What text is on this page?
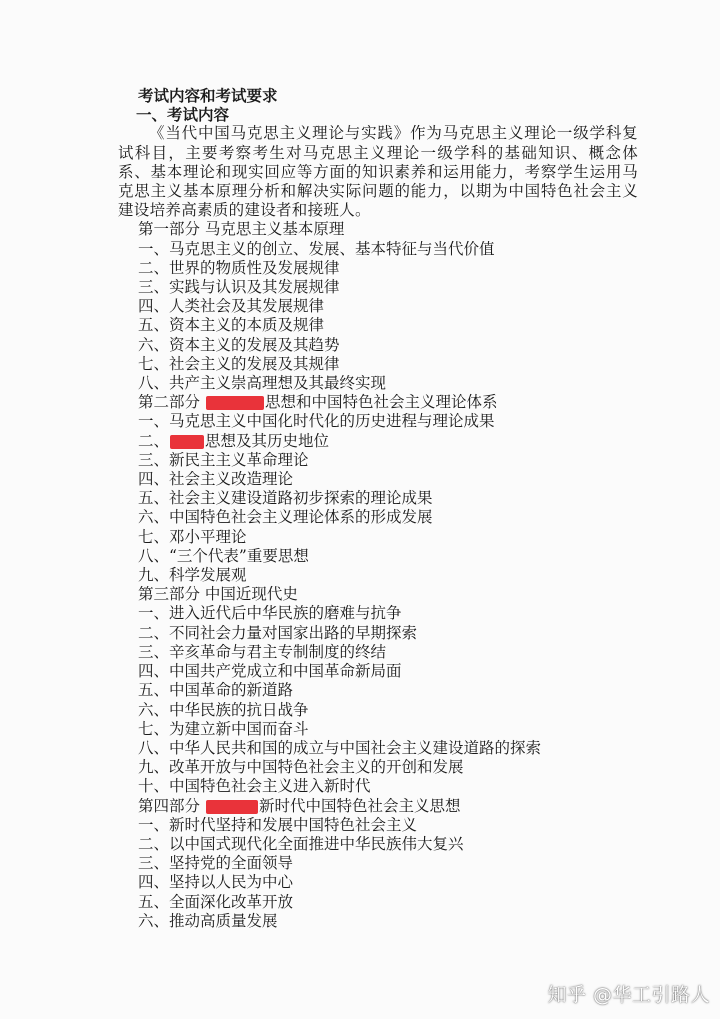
考试内容和考试要求
一、考试内容
《当代中国马克思主义理论与实践》作为马克思主义理论一级学科复试科目，主要考察考生对马克思主义理论一级学科的基础知识、概念体系、基本理论和现实回应等方面的知识素养和运用能力，考察学生运用马克思主义基本原理分析和解决实际问题的能力，以期为中国特色社会主义建设培养高素质的建设者和接班人。
第一部分 马克思主义基本原理
一、马克思主义的创立、发展、基本特征与当代价值
二、世界的物质性及发展规律
三、实践与认识及其发展规律
四、人类社会及其发展规律
五、资本主义的本质及规律
六、资本主义的发展及其趋势
七、社会主义的发展及其规律
八、共产主义崇高理想及其最终实现
第二部分	思想和中国特色社会主义理论体系
一、马克思主义中国化时代化的历史进程与理论成果
二、 思想及其历史地位
三、新民主主义革命理论
四、社会主义改造理论
五、社会主义建设道路初步探索的理论成果
六、中国特色社会主义理论体系的形成发展
七、邓小平理论
八、“三个代表”重要思想
九、科学发展观
第三部分 中国近现代史
一、进入近代后中华民族的磨难与抗争
二、不同社会力量对国家出路的早期探索
三、辛亥革命与君主专制制度的终结
四、中国共产党成立和中国革命新局面
五、中国革命的新道路
六、中华民族的抗日战争
七、为建立新中国而奋斗
八、中华人民共和国的成立与中国社会主义建设道路的探索
九、改革开放与中国特色社会主义的开创和发展
十、中国特色社会主义进入新时代
第四部分	新时代中国特色社会主义思想
一、新时代坚持和发展中国特色社会主义
二、以中国式现代化全面推进中华民族伟大复兴
三、坚持党的全面领导
四、坚持以人民为中心
五、全面深化改革开放
六、推动高质量发展
知乎 @华工引路人
